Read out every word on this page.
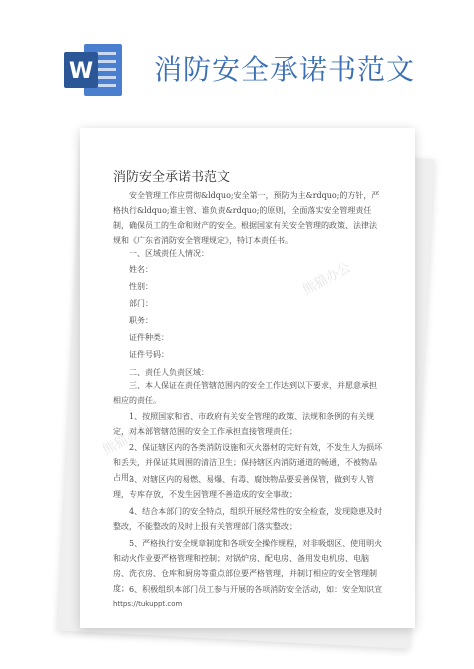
W 消防安全承诺书范文
熊猫办公
熊猫办公
消防安全承诺书范文

安全管理工作应贯彻&ldquo;安全第一，预防为主&rdquo;的方针，严格执行&ldquo;谁主管、谁负责&rdquo;的原则，全面落实安全管理责任制，确保员工的生命和财产的安全。根据国家有关安全管理的政策、法律法规和《广东省消防安全管理规定》，特订本责任书。

一、区域责任人情况：
姓名：
性别：
部门：
职务：
证件种类：
证件号码：
二、责任人负责区域：

三、本人保证在责任管辖范围内的安全工作达到以下要求，并愿意承担相应的责任。

1、按照国家和省、市政府有关安全管理的政策、法规和条例的有关规定，对本部管辖范围的安全工作承担直接管理责任；

2、保证辖区内的各类消防设施和灭火器材的完好有效，不发生人为损坏和丢失，并保证其周围的清洁卫生；保持辖区内消防通道的畅通，不被物品占用；

3、对辖区内的易燃、易爆、有毒、腐蚀物品要妥善保管，做到专人管理，专库存放，不发生因管理不善造成的安全事故；

4、结合本部门的安全特点，组织开展经常性的安全检查，发现隐患及时整改，不能整改的及时上报有关管理部门落实整改；

5、严格执行安全规章制度和各项安全操作规程，对非吸烟区、使用明火和动火作业要严格管理和控制；对锅炉房、配电房、备用发电机房、电脑房、洗衣房、仓库和厨房等重点部位要严格管理，并制订相应的安全管理制度； 6、积极组织本部门员工参与开展的各项消防安全活动，如：安全知识宣

https://tukuppt.com
